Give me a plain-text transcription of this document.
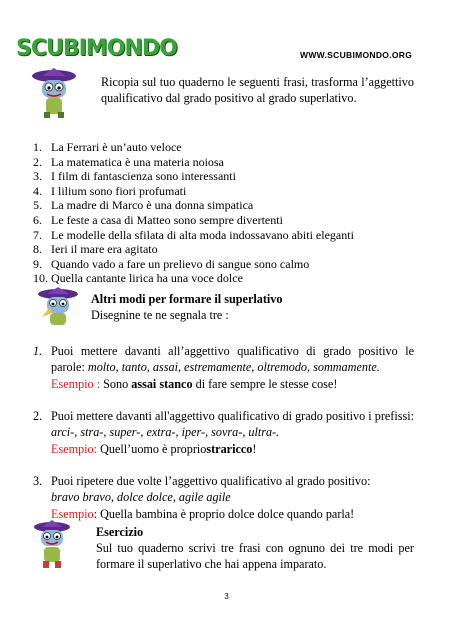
SCUBIMONDO	WWW.SCUBIMONDO.ORG
Ricopia sul tuo quaderno le seguenti frasi, trasforma l’aggettivo qualificativo dal grado positivo al grado superlativo.
1. La Ferrari è un’auto veloce
2. La matematica è una materia noiosa
3. I film di fantascienza sono interessanti
4. I lilium sono fiori profumati
5. La madre di Marco è una donna simpatica
6. Le feste a casa di Matteo sono sempre divertenti
7. Le modelle della sfilata di alta moda indossavano abiti eleganti
8. Ieri il mare era agitato
9. Quando vado a fare un prelievo di sangue sono calmo
10. Quella cantante lirica ha una voce dolce
Altri modi per formare il superlativo
Disegnine te ne segnala tre :
1. Puoi mettere davanti all’aggettivo qualificativo di grado positivo le parole: molto, tanto, assai, estremamente, oltremodo, sommamente.
Esempio : Sono assai stanco di fare sempre le stesse cose!
2. Puoi mettere davanti all'aggettivo qualificativo di grado positivo i prefissi: arci-, stra-, super-, extra-, iper-, sovra-, ultra-.
Esempio: Quell’uomo è propriostraricco!
3. Puoi ripetere due volte l’aggettivo qualificativo al grado positivo:
bravo bravo, dolce dolce, agile agile
Esempio: Quella bambina è proprio dolce dolce quando parla!
Esercizio
Sul tuo quaderno scrivi tre frasi con ognuno dei tre modi per formare il superlativo che hai appena imparato.
3
